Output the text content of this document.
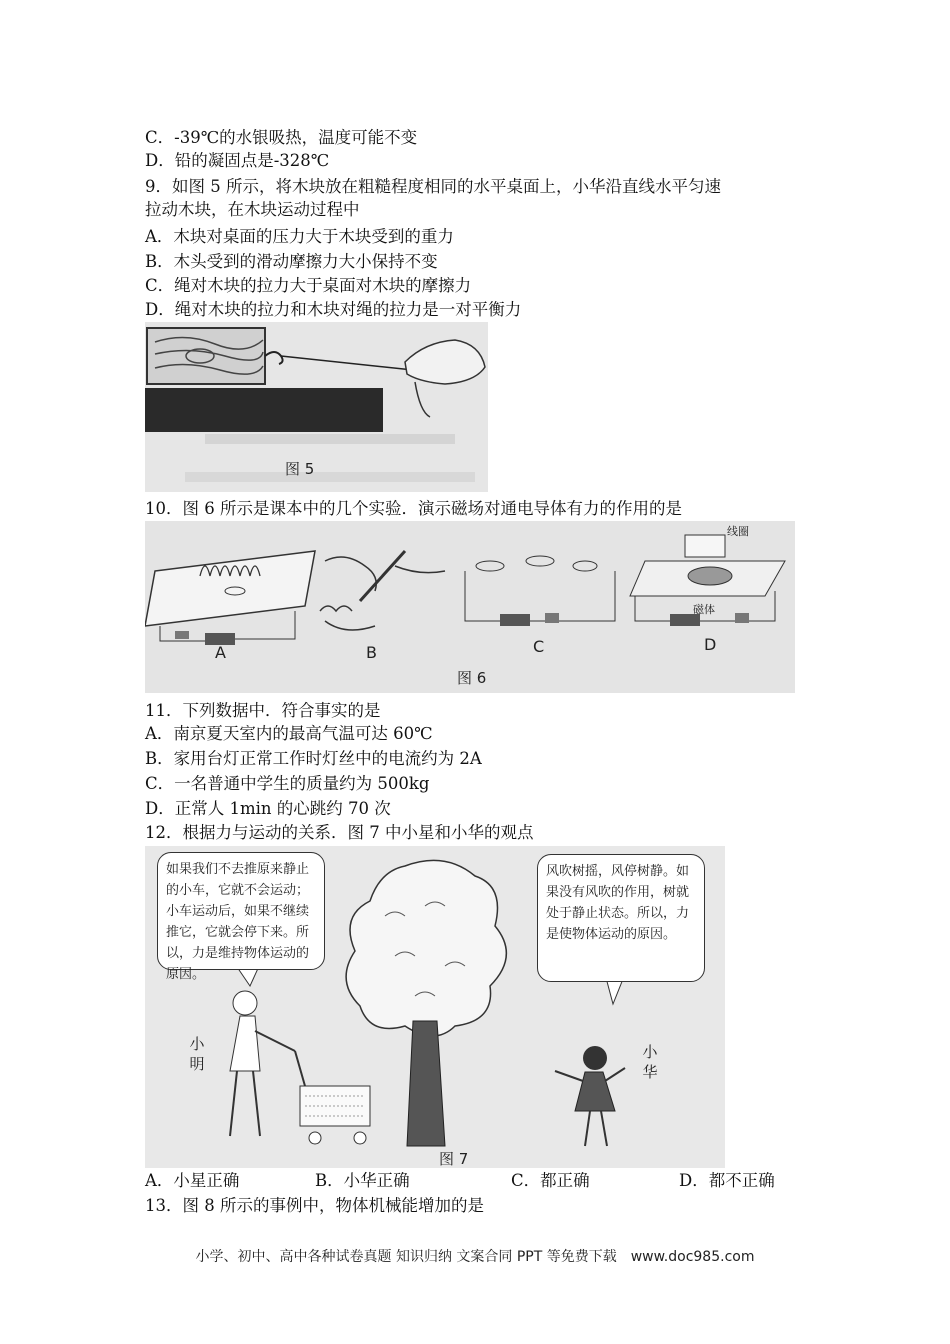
C．-39℃的水银吸热，温度可能不变
D．铅的凝固点是-328℃
9．如图 5 所示，将木块放在粗糙程度相同的水平桌面上，小华沿直线水平匀速
拉动木块，在木块运动过程中
A．木块对桌面的压力大于木块受到的重力
B．木头受到的滑动摩擦力大小保持不变
C．绳对木块的拉力大于桌面对木块的摩擦力
D．绳对木块的拉力和木块对绳的拉力是一对平衡力
图 5
10．图 6 所示是课本中的几个实验．演示磁场对通电导体有力的作用的是
A	B	C	D
线圈
磁体
图 6
11．下列数据中．符合事实的是
A．南京夏天室内的最高气温可达 60℃
B．家用台灯正常工作时灯丝中的电流约为 2A
C．一名普通中学生的质量约为 500kg
D．正常人 1min 的心跳约 70 次
12．根据力与运动的关系．图 7 中小星和小华的观点
如果我们不去推原来静止的小车，它就不会运动；小车运动后，如果不继续推它，它就会停下来。所以，力是维持物体运动的原因。
风吹树摇，风停树静。如果没有风吹的作用，树就处于静止状态。所以，力是使物体运动的原因。
小明
小华
图 7
A．小星正确	B．小华正确	C．都正确	D．都不正确
13．图 8 所示的事例中，物体机械能增加的是
小学、初中、高中各种试卷真题 知识归纳 文案合同 PPT 等免费下载　www.doc985.com
